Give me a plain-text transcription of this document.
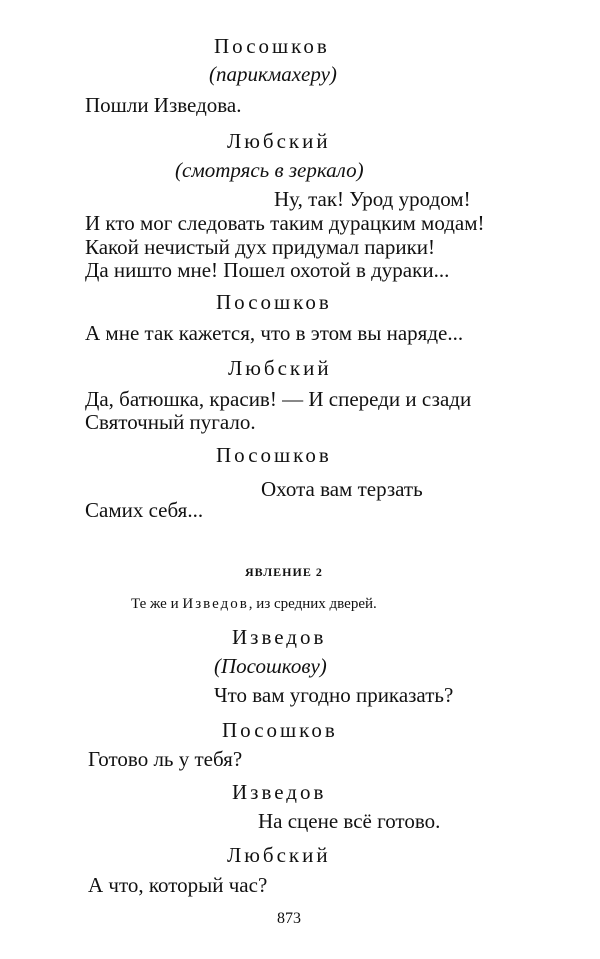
Посошков
(парикмахеру)
Пошли Изведова.
Любский
(смотрясь в зеркало)
Ну, так! Урод уродом!
И кто мог следовать таким дурацким модам!
Какой нечистый дух придумал парики!
Да ништо мне! Пошел охотой в дураки...
Посошков
А мне так кажется, что в этом вы наряде...
Любский
Да, батюшка, красив! — И спереди и сзади
Святочный пугало.
Посошков
Охота вам терзать
Самих себя...
ЯВЛЕНИЕ 2
Те же и Изведов, из средних дверей.
Изведов
(Посошкову)
Что вам угодно приказать?
Посошков
Готово ль у тебя?
Изведов
На сцене всё готово.
Любский
А что, который час?
873
